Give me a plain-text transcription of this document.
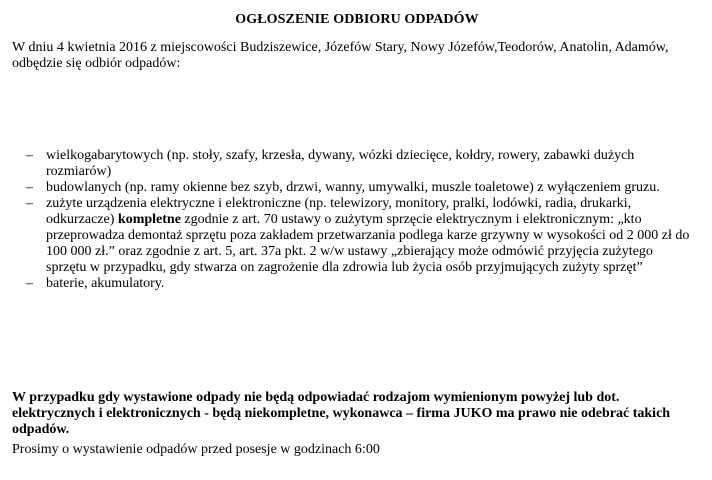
OGŁOSZENIE ODBIORU ODPADÓW

W dniu 4 kwietnia 2016 z miejscowości Budziszewice, Józefów Stary, Nowy Józefów,Teodorów, Anatolin, Adamów, odbędzie się odbiór odpadów:

– wielkogabarytowych (np. stoły, szafy, krzesła, dywany, wózki dziecięce, kołdry, rowery, zabawki dużych rozmiarów)
– budowlanych (np. ramy okienne bez szyb, drzwi, wanny, umywalki, muszle toaletowe) z wyłączeniem gruzu.
– zużyte urządzenia elektryczne i elektroniczne (np. telewizory, monitory, pralki, lodówki, radia, drukarki, odkurzacze) kompletne zgodnie z art. 70 ustawy o zużytym sprzęcie elektrycznym i elektronicznym: „kto przeprowadza demontaż sprzętu poza zakładem przetwarzania podlega karze grzywny w wysokości od 2 000 zł do 100 000 zł.” oraz zgodnie z art. 5, art. 37a pkt. 2 w/w ustawy „zbierający może odmówić przyjęcia zużytego sprzętu w przypadku, gdy stwarza on zagrożenie dla zdrowia lub życia osób przyjmujących zużyty sprzęt”
– baterie, akumulatory.

W przypadku gdy wystawione odpady nie będą odpowiadać rodzajom wymienionym powyżej lub dot. elektrycznych i elektronicznych - będą niekompletne, wykonawca – firma JUKO ma prawo nie odebrać takich odpadów.

Prosimy o wystawienie odpadów przed posesje w godzinach 6:00
